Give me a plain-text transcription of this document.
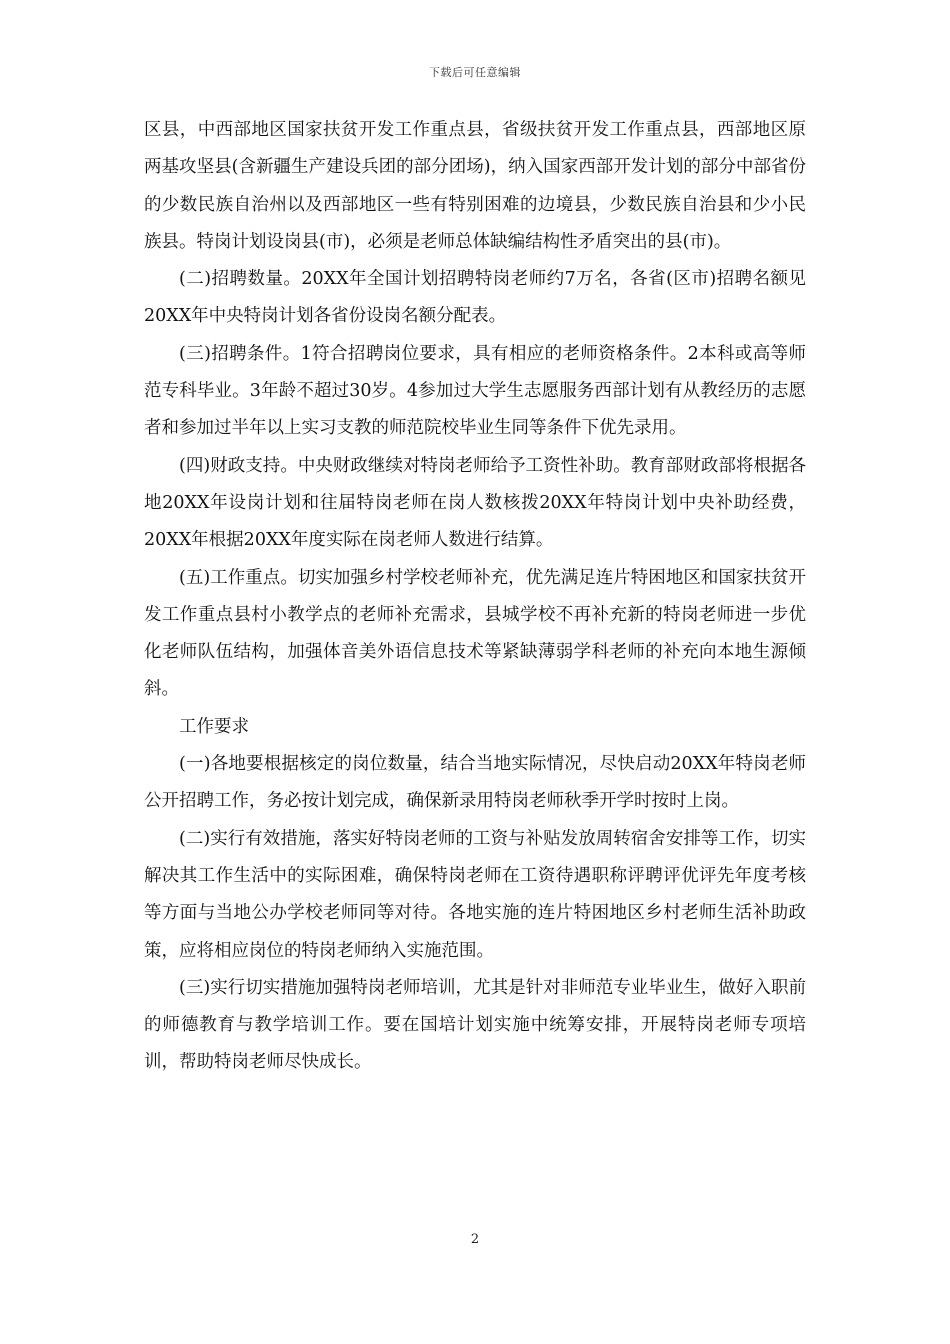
下载后可任意编辑

区县，中西部地区国家扶贫开发工作重点县，省级扶贫开发工作重点县，西部地区原两基攻坚县(含新疆生产建设兵团的部分团场)，纳入国家西部开发计划的部分中部省份的少数民族自治州以及西部地区一些有特别困难的边境县，少数民族自治县和少小民族县。特岗计划设岗县(市)，必须是老师总体缺编结构性矛盾突出的县(市)。

(二)招聘数量。20XX年全国计划招聘特岗老师约7万名，各省(区市)招聘名额见20XX年中央特岗计划各省份设岗名额分配表。

(三)招聘条件。1符合招聘岗位要求，具有相应的老师资格条件。2本科或高等师范专科毕业。3年龄不超过30岁。4参加过大学生志愿服务西部计划有从教经历的志愿者和参加过半年以上实习支教的师范院校毕业生同等条件下优先录用。

(四)财政支持。中央财政继续对特岗老师给予工资性补助。教育部财政部将根据各地20XX年设岗计划和往届特岗老师在岗人数核拨20XX年特岗计划中央补助经费，20XX年根据20XX年度实际在岗老师人数进行结算。

(五)工作重点。切实加强乡村学校老师补充，优先满足连片特困地区和国家扶贫开发工作重点县村小教学点的老师补充需求，县城学校不再补充新的特岗老师进一步优化老师队伍结构，加强体音美外语信息技术等紧缺薄弱学科老师的补充向本地生源倾斜。

工作要求

(一)各地要根据核定的岗位数量，结合当地实际情况，尽快启动20XX年特岗老师公开招聘工作，务必按计划完成，确保新录用特岗老师秋季开学时按时上岗。

(二)实行有效措施，落实好特岗老师的工资与补贴发放周转宿舍安排等工作，切实解决其工作生活中的实际困难，确保特岗老师在工资待遇职称评聘评优评先年度考核等方面与当地公办学校老师同等对待。各地实施的连片特困地区乡村老师生活补助政策，应将相应岗位的特岗老师纳入实施范围。

(三)实行切实措施加强特岗老师培训，尤其是针对非师范专业毕业生，做好入职前的师德教育与教学培训工作。要在国培计划实施中统筹安排，开展特岗老师专项培训，帮助特岗老师尽快成长。

2
